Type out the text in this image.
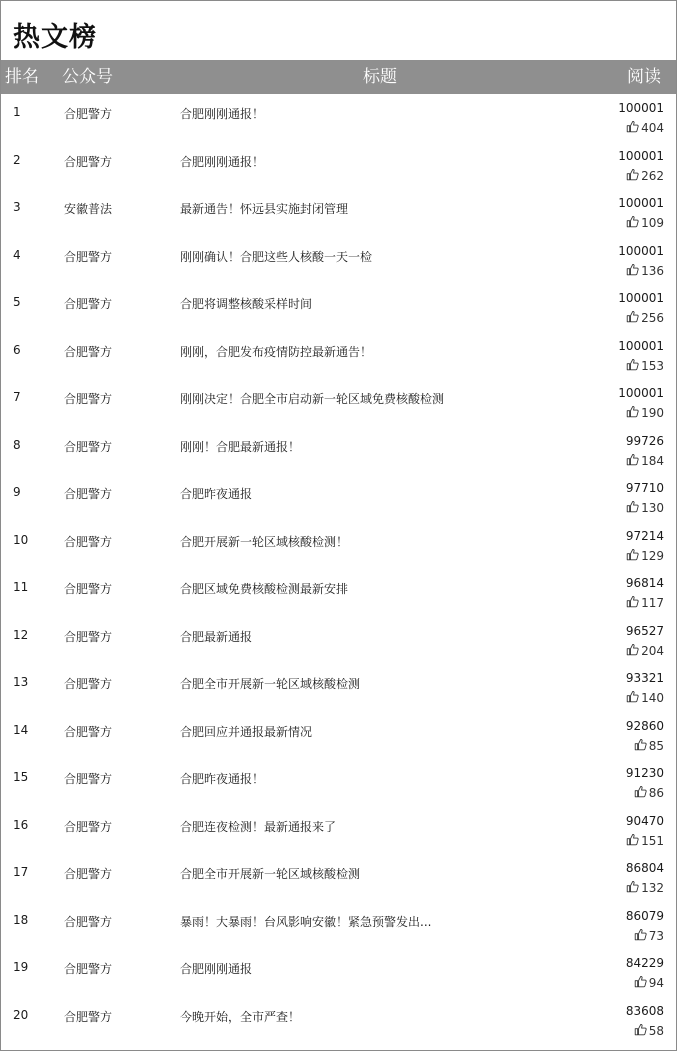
热文榜
排名 公众号	标题	阅读
1	合肥警方	合肥刚刚通报！	100001
404
2	合肥警方	合肥刚刚通报！	100001
262
3	安徽普法	最新通告！怀远县实施封闭管理	100001
109
4	合肥警方	刚刚确认！合肥这些人核酸一天一检	100001
136
5	合肥警方	合肥将调整核酸采样时间	100001
256
6	合肥警方	刚刚，合肥发布疫情防控最新通告！	100001
153
7	合肥警方	刚刚决定！合肥全市启动新一轮区域免费核酸检测	100001
190
8	合肥警方	刚刚！合肥最新通报！	99726
184
9	合肥警方	合肥昨夜通报	97710
130
10	合肥警方	合肥开展新一轮区域核酸检测！	97214
129
11	合肥警方	合肥区域免费核酸检测最新安排	96814
117
12	合肥警方	合肥最新通报	96527
204
13	合肥警方	合肥全市开展新一轮区域核酸检测	93321
140
14	合肥警方	合肥回应并通报最新情况	92860
85
15	合肥警方	合肥昨夜通报！	91230
86
16	合肥警方	合肥连夜检测！最新通报来了	90470
151
17	合肥警方	合肥全市开展新一轮区域核酸检测	86804
132
18	合肥警方	暴雨！大暴雨！台风影响安徽！紧急预警发出...	86079
73
19	合肥警方	合肥刚刚通报	84229
94
20	合肥警方	今晚开始，全市严查！	83608
58
